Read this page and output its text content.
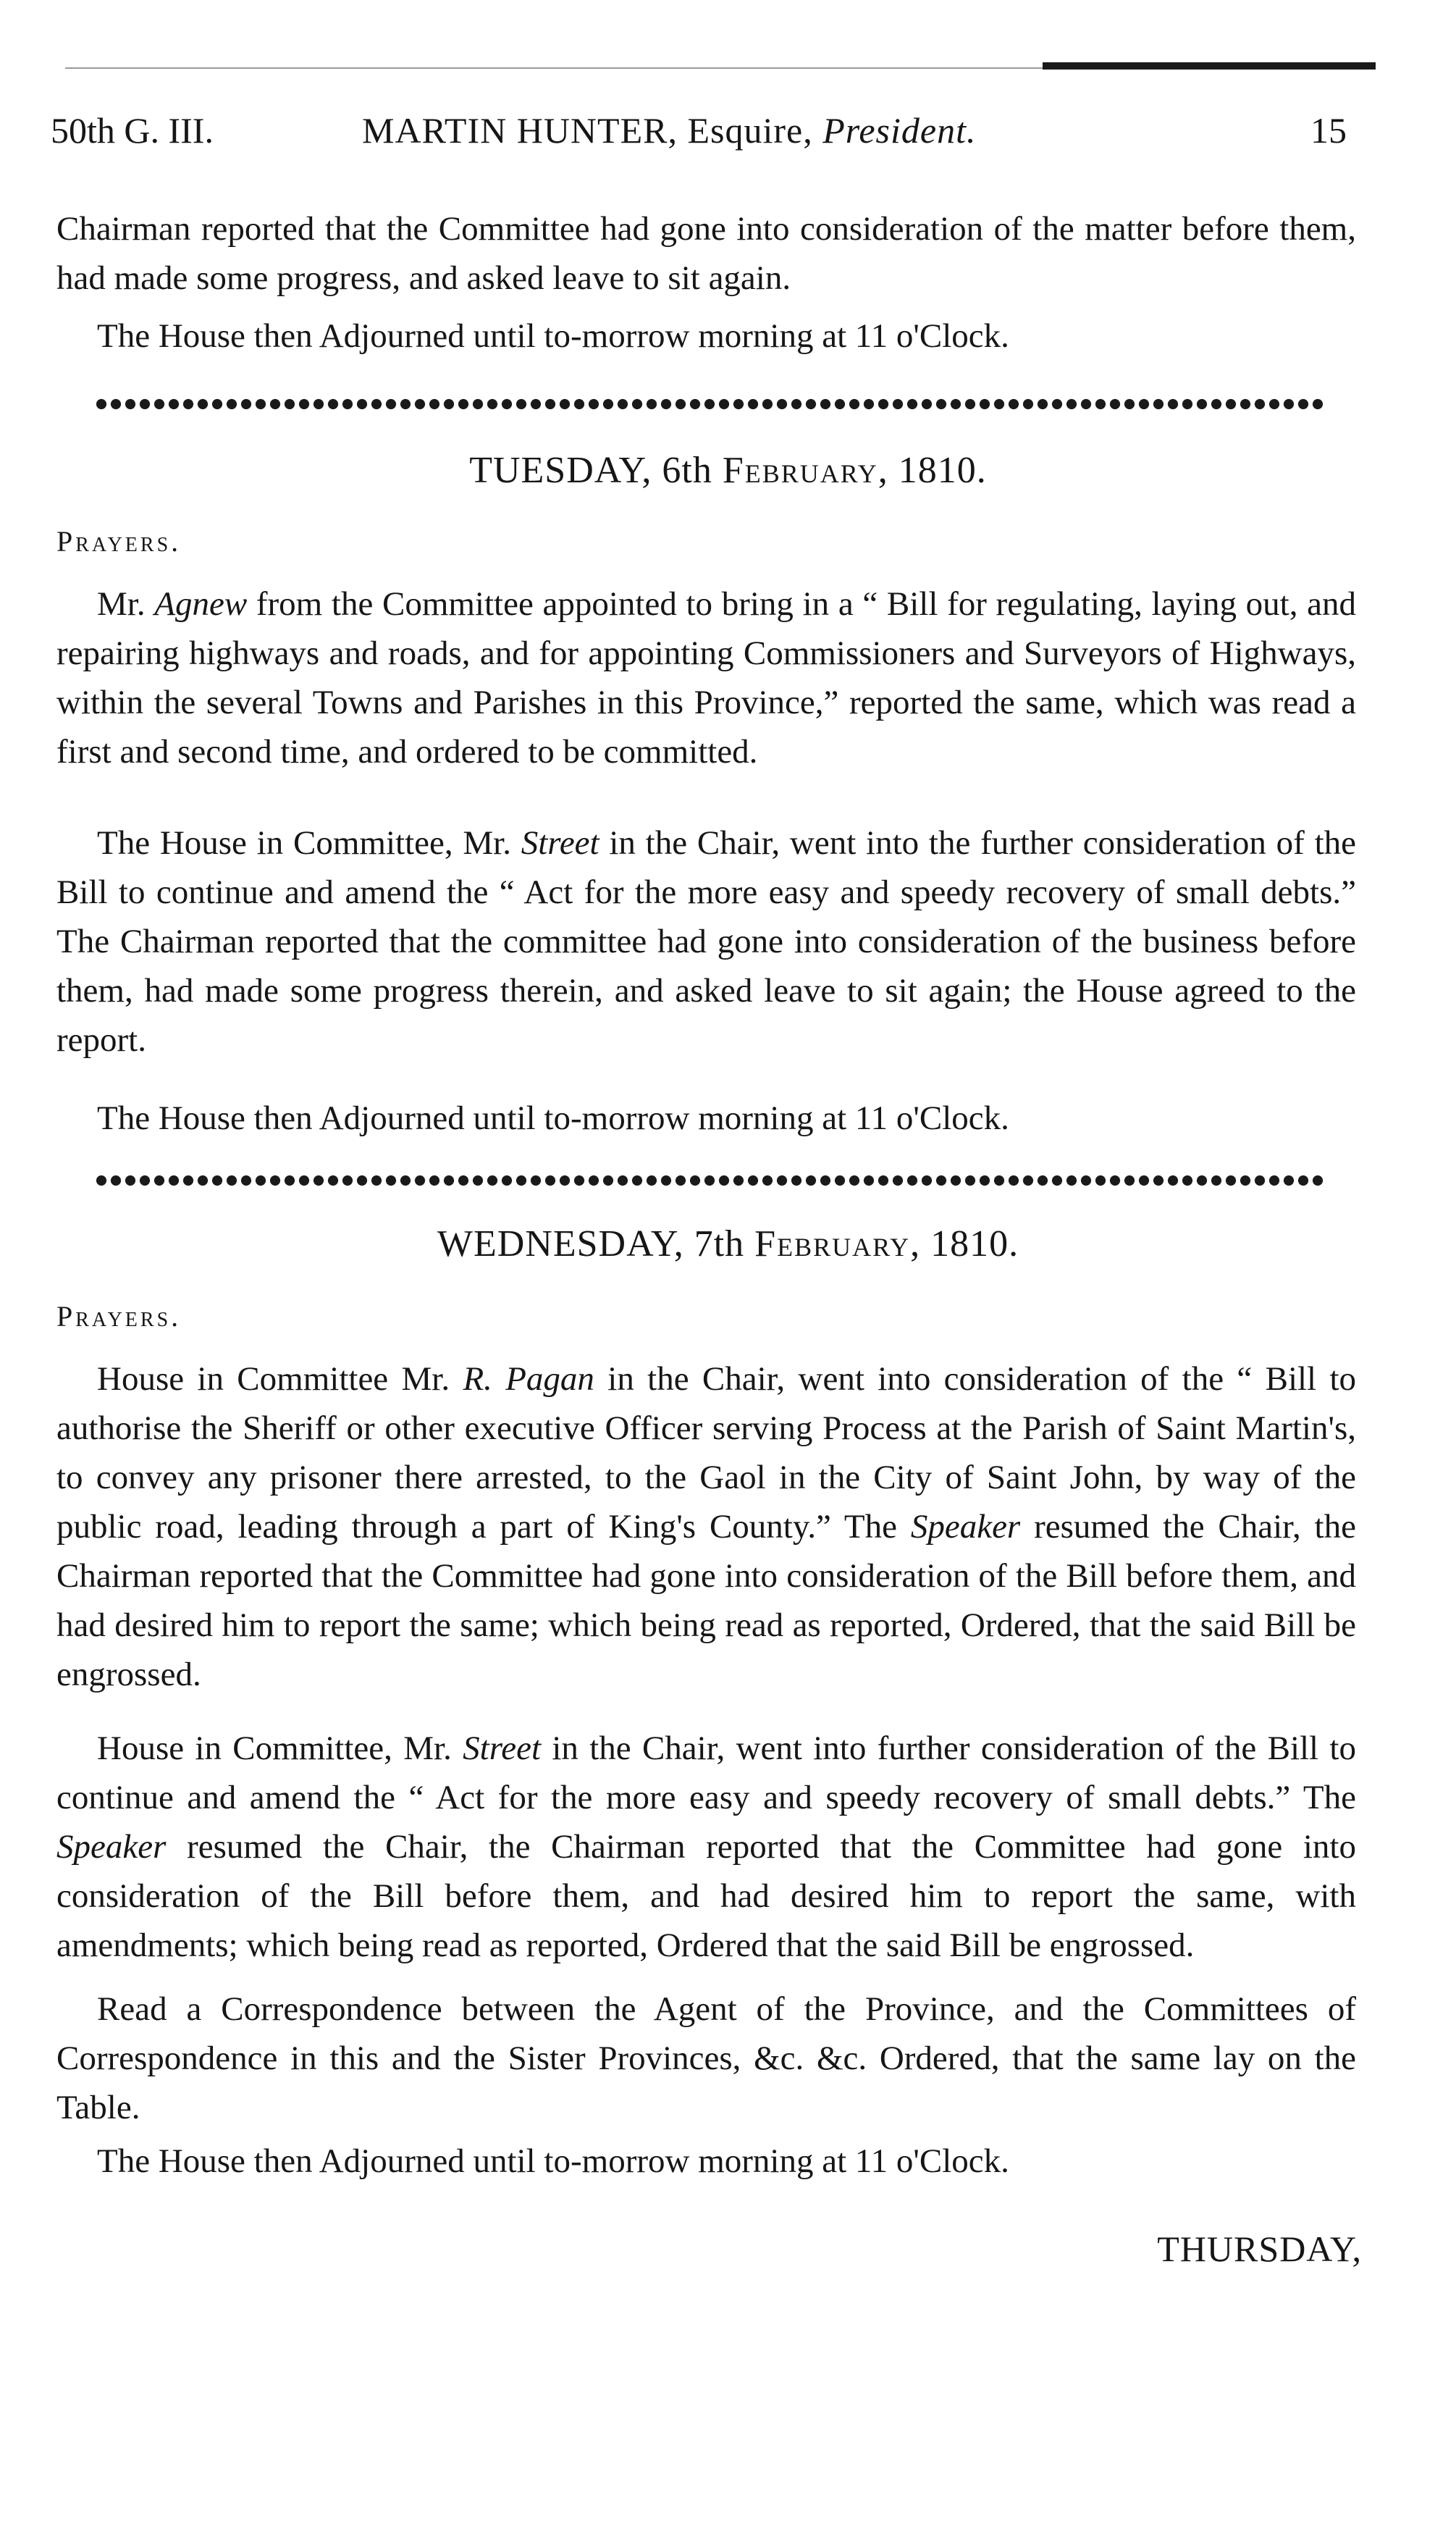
50th G. III.	MARTIN HUNTER, Esquire, President.	15

Chairman reported that the Committee had gone into consideration of the matter before them, had made some progress, and asked leave to sit again.

The House then Adjourned until to-morrow morning at 11 o'Clock.

TUESDAY, 6th February, 1810.
Prayers.

Mr. Agnew from the Committee appointed to bring in a “ Bill for regulating, laying out, and repairing highways and roads, and for appointing Commissioners and Surveyors of Highways, within the several Towns and Parishes in this Province,” reported the same, which was read a first and second time, and ordered to be committed.

The House in Committee, Mr. Street in the Chair, went into the further consideration of the Bill to continue and amend the “ Act for the more easy and speedy recovery of small debts.” The Chairman reported that the committee had gone into consideration of the business before them, had made some progress therein, and asked leave to sit again; the House agreed to the report.

The House then Adjourned until to-morrow morning at 11 o'Clock.

WEDNESDAY, 7th February, 1810.
Prayers.

House in Committee Mr. R. Pagan in the Chair, went into consideration of the “ Bill to authorise the Sheriff or other executive Officer serving Process at the Parish of Saint Martin's, to convey any prisoner there arrested, to the Gaol in the City of Saint John, by way of the public road, leading through a part of King's County.” The Speaker resumed the Chair, the Chairman reported that the Committee had gone into consideration of the Bill before them, and had desired him to report the same; which being read as reported, Ordered, that the said Bill be engrossed.

House in Committee, Mr. Street in the Chair, went into further consideration of the Bill to continue and amend the “ Act for the more easy and speedy recovery of small debts.” The Speaker resumed the Chair, the Chairman reported that the Committee had gone into consideration of the Bill before them, and had desired him to report the same, with amendments; which being read as reported, Ordered that the said Bill be engrossed.

Read a Correspondence between the Agent of the Province, and the Committees of Correspondence in this and the Sister Provinces, &c. &c. Ordered, that the same lay on the Table.

The House then Adjourned until to-morrow morning at 11 o'Clock.

THURSDAY,
